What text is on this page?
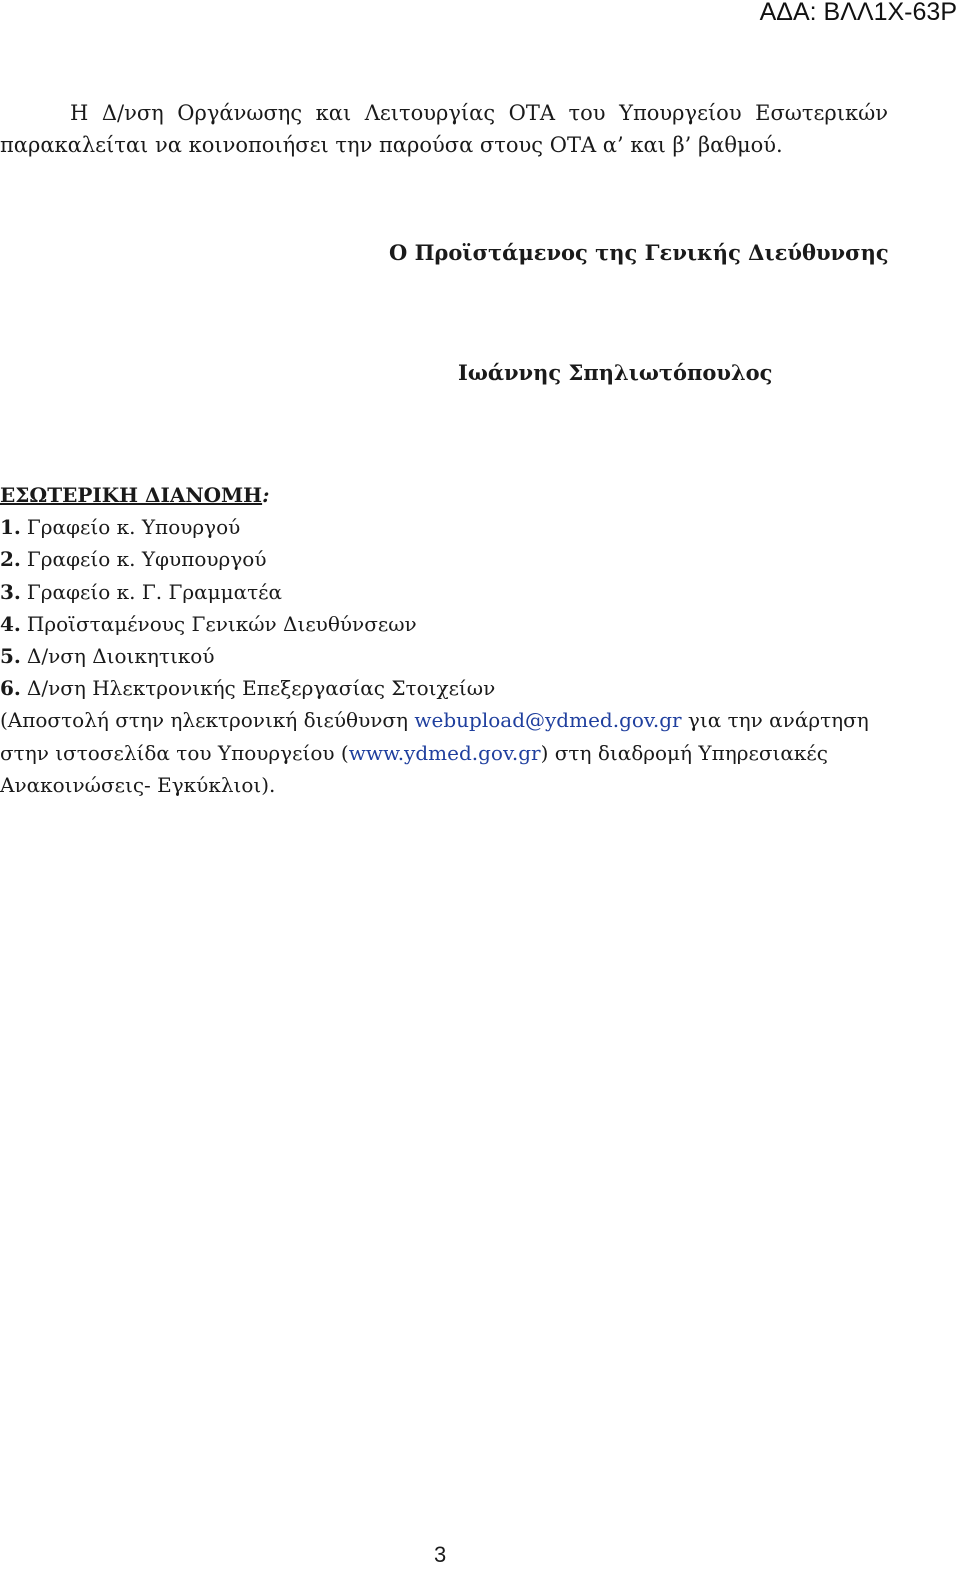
ΑΔΑ: ΒΛΛ1Χ-63Ρ

Η Δ/νση Οργάνωσης και Λειτουργίας ΟΤΑ του Υπουργείου Εσωτερικών
παρακαλείται να κοινοποιήσει την παρούσα στους ΟΤΑ α’ και β’ βαθμού.

Ο Προϊστάμενος της Γενικής Διεύθυνσης

Ιωάννης Σπηλιωτόπουλος

ΕΣΩΤΕΡΙΚΗ ΔΙΑΝΟΜΗ:
1. Γραφείο κ. Υπουργού
2. Γραφείο κ. Υφυπουργού
3. Γραφείο κ. Γ. Γραμματέα
4. Προϊσταμένους Γενικών Διευθύνσεων
5. Δ/νση Διοικητικού
6. Δ/νση Ηλεκτρονικής Επεξεργασίας Στοιχείων

(Αποστολή στην ηλεκτρονική διεύθυνση webupload@ydmed.gov.gr για την ανάρτηση
στην ιστοσελίδα του Υπουργείου (www.ydmed.gov.gr) στη διαδρομή Υπηρεσιακές
Ανακοινώσεις- Εγκύκλιοι).

3
